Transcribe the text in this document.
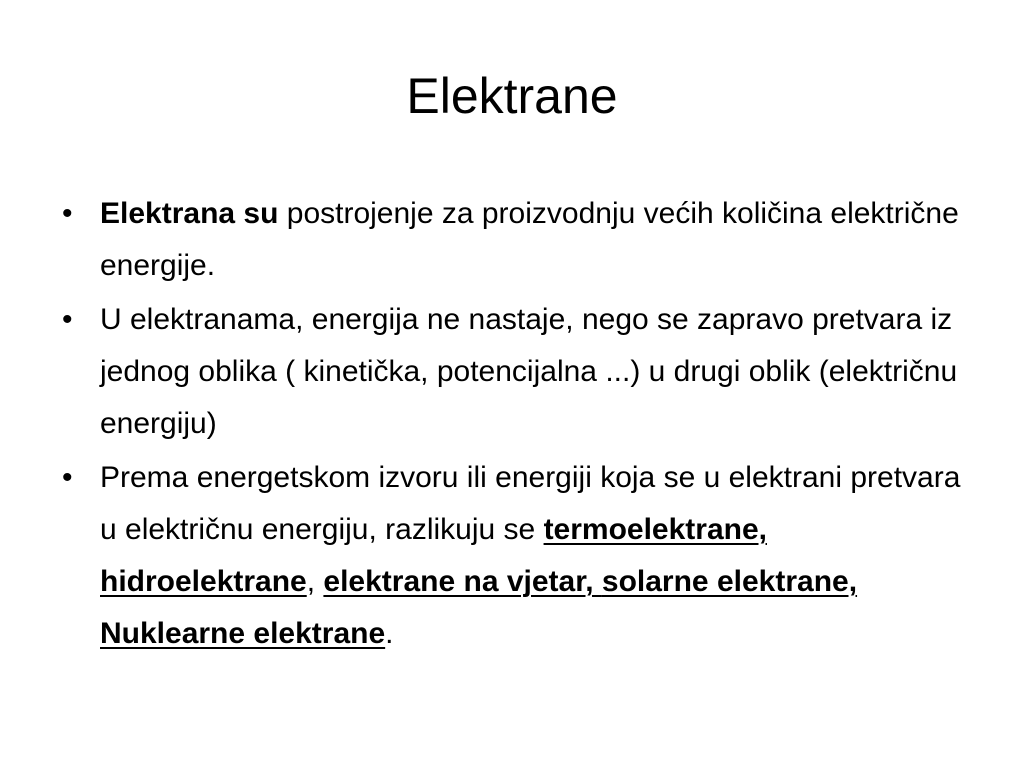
Elektrane
• Elektrana su postrojenje za proizvodnju većih količina električne energije.
• U elektranama, energija ne nastaje, nego se zapravo pretvara iz jednog oblika ( kinetička, potencijalna ...) u drugi oblik (električnu energiju)
• Prema energetskom izvoru ili energiji koja se u elektrani pretvara u električnu energiju, razlikuju se termoelektrane, hidroelektrane, elektrane na vjetar, solarne elektrane, Nuklearne elektrane.
